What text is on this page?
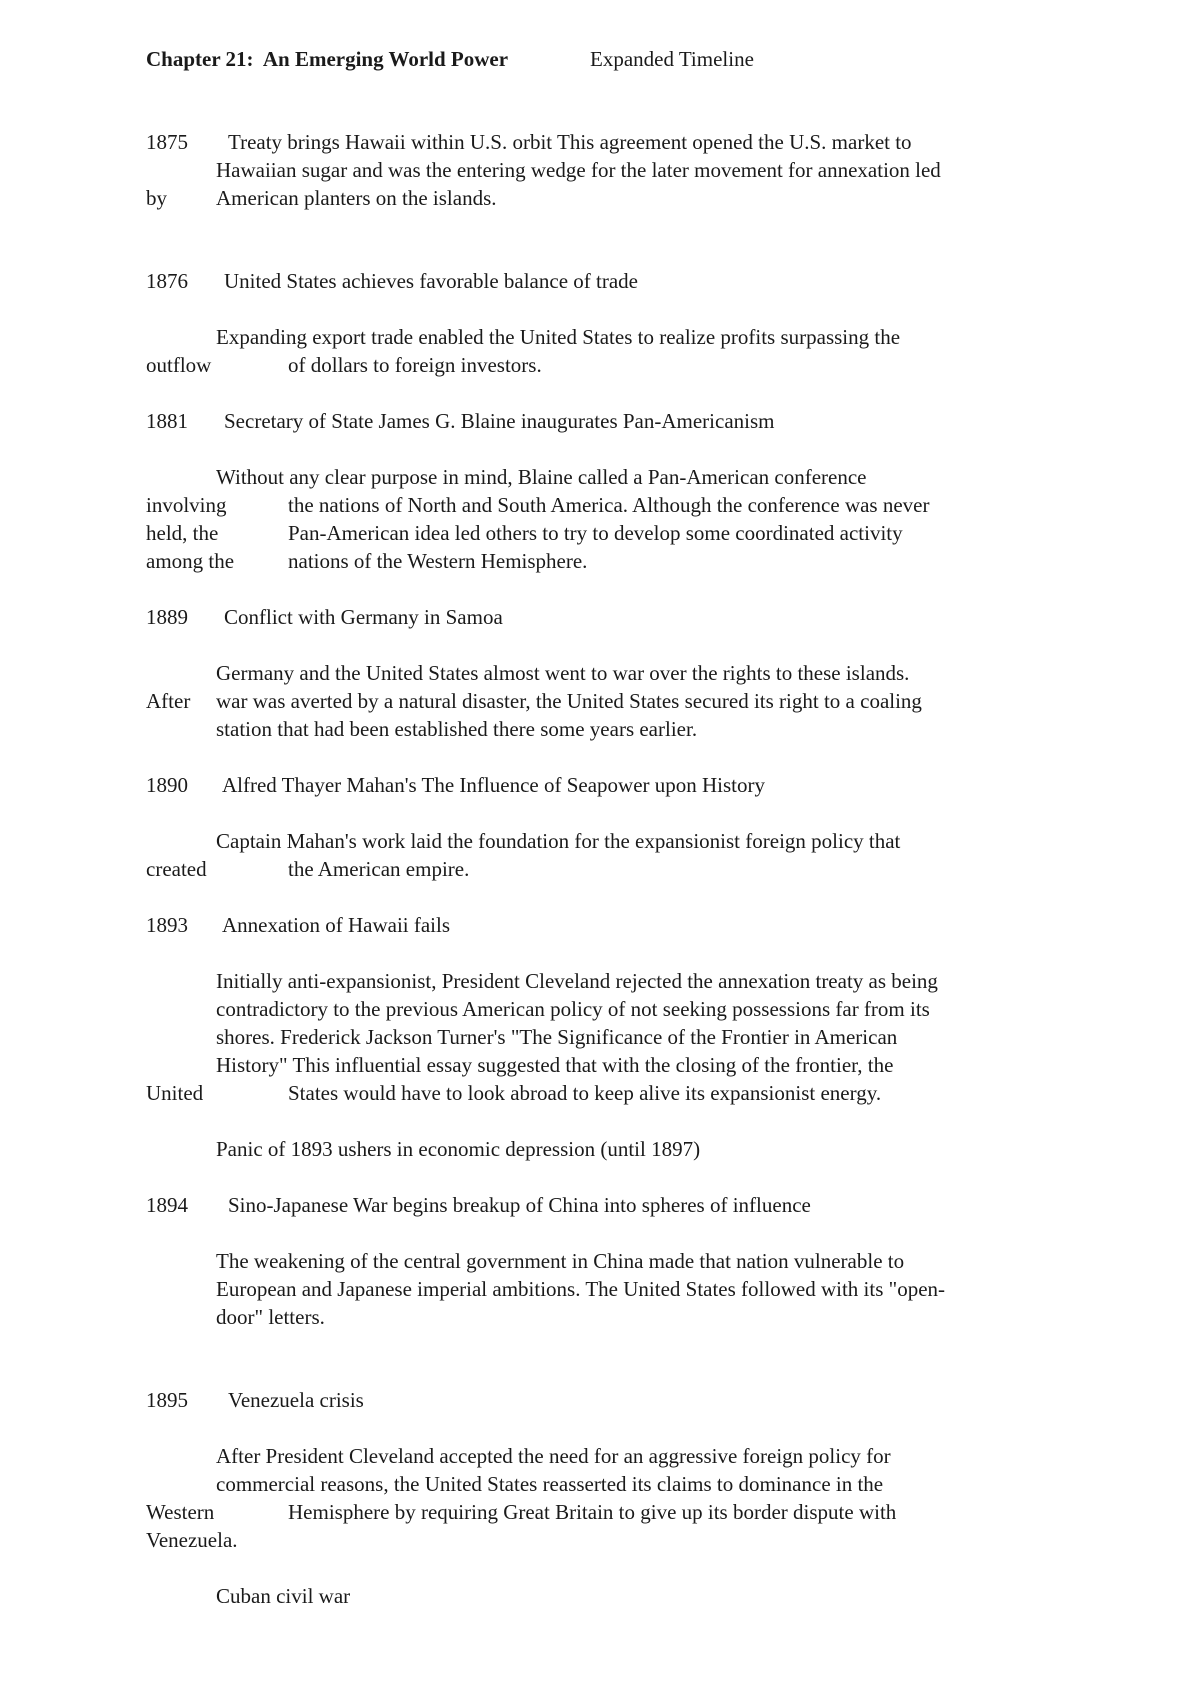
Chapter 21:  An Emerging World Power	Expanded Timeline
1875 Treaty brings Hawaii within U.S. orbit This agreement opened the U.S. market to
Hawaiian sugar and was the entering wedge for the later movement for annexation led
by American planters on the islands.
1876 United States achieves favorable balance of trade
Expanding export trade enabled the United States to realize profits surpassing the
outflow	of dollars to foreign investors.
1881 Secretary of State James G. Blaine inaugurates Pan-Americanism
Without any clear purpose in mind, Blaine called a Pan-American conference
involving	the nations of North and South America. Although the conference was never
held, the	Pan-American idea led others to try to develop some coordinated activity
among the	nations of the Western Hemisphere.
1889 Conflict with Germany in Samoa
Germany and the United States almost went to war over the rights to these islands.
After war was averted by a natural disaster, the United States secured its right to a coaling
station that had been established there some years earlier.
1890 Alfred Thayer Mahan's The Influence of Seapower upon History
Captain Mahan's work laid the foundation for the expansionist foreign policy that
created	the American empire.
1893 Annexation of Hawaii fails
Initially anti-expansionist, President Cleveland rejected the annexation treaty as being
contradictory to the previous American policy of not seeking possessions far from its
shores. Frederick Jackson Turner's "The Significance of the Frontier in American
History" This influential essay suggested that with the closing of the frontier, the
United	States would have to look abroad to keep alive its expansionist energy.
Panic of 1893 ushers in economic depression (until 1897)
1894 Sino-Japanese War begins breakup of China into spheres of influence
The weakening of the central government in China made that nation vulnerable to
European and Japanese imperial ambitions. The United States followed with its "open-
door" letters.
1895 Venezuela crisis
After President Cleveland accepted the need for an aggressive foreign policy for
commercial reasons, the United States reasserted its claims to dominance in the
Western	Hemisphere by requiring Great Britain to give up its border dispute with
Venezuela.
Cuban civil war
